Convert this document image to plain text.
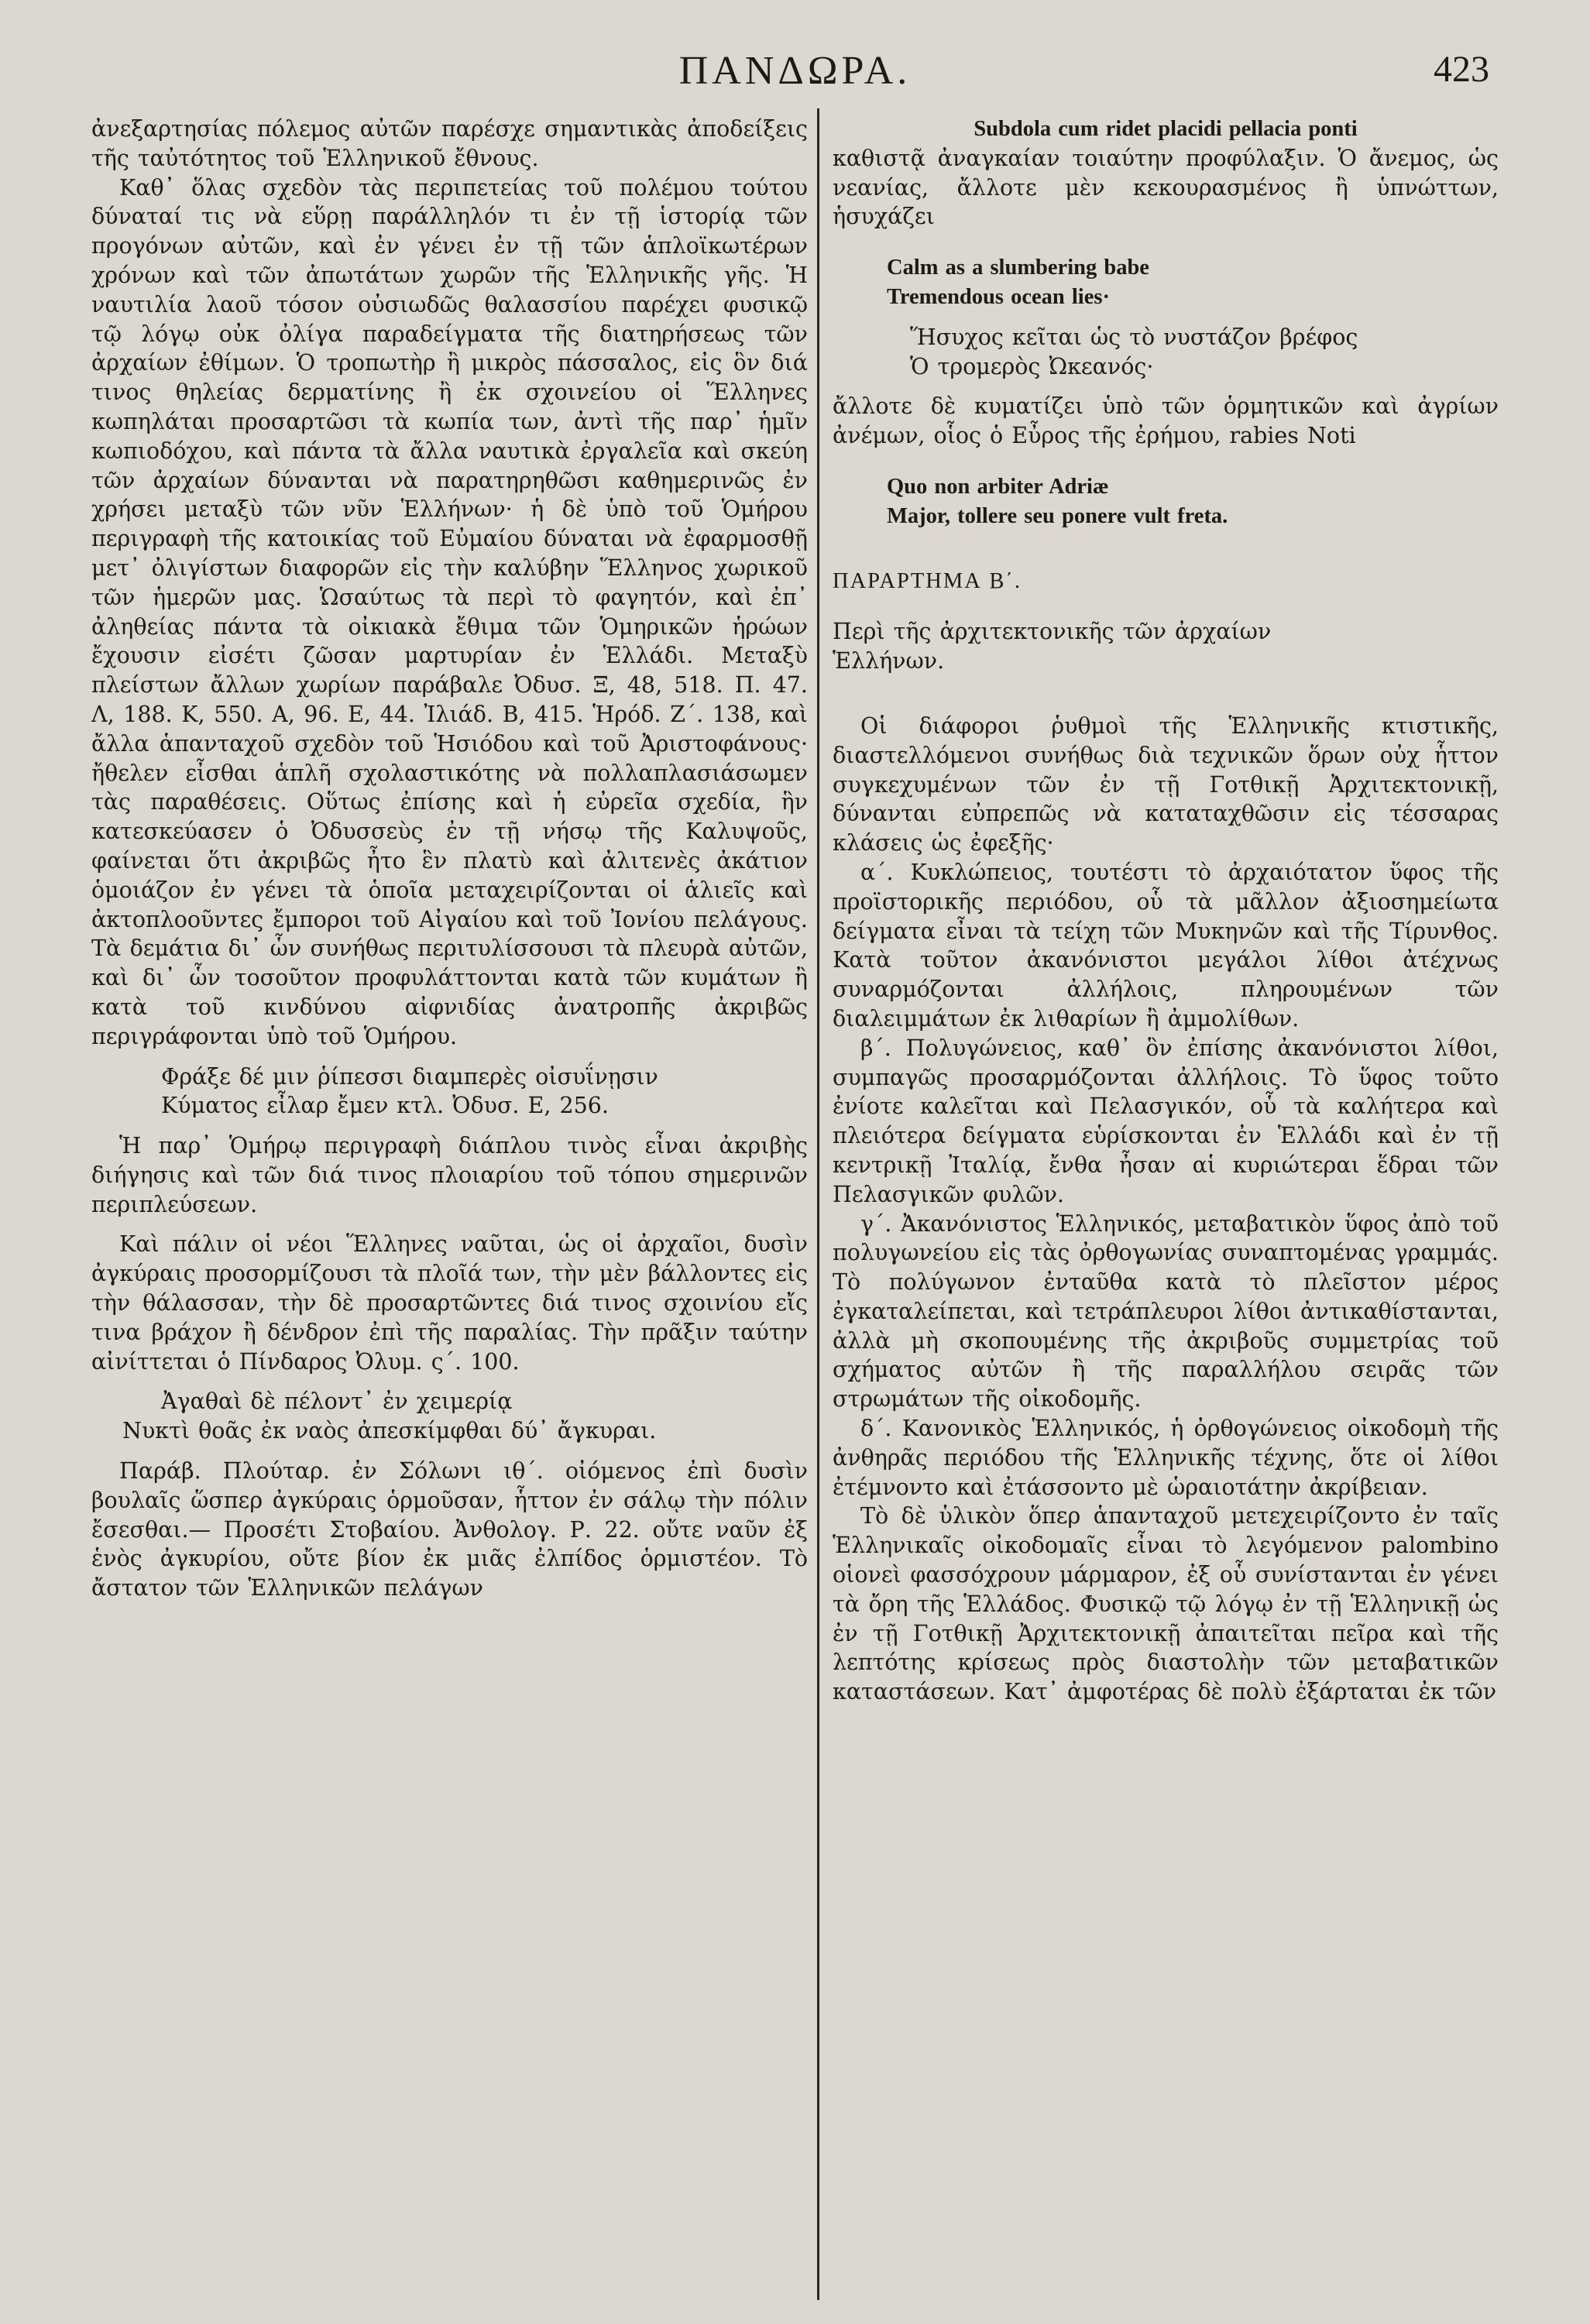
ΠΑΝΔΩΡΑ.	423

ἀνεξαρτησίας πόλεμος αὐτῶν παρέσχε σημαντικὰς ἀποδείξεις τῆς ταὐτότητος τοῦ Ἑλληνικοῦ ἔθνους.

Καθ᾽ ὅλας σχεδὸν τὰς περιπετείας τοῦ πολέμου τούτου δύναταί τις νὰ εὕρῃ παράλληλόν τι ἐν τῇ ἱστορίᾳ τῶν προγόνων αὐτῶν, καὶ ἐν γένει ἐν τῇ τῶν ἁπλοϊκωτέρων χρόνων καὶ τῶν ἀπωτάτων χωρῶν τῆς Ἑλληνικῆς γῆς. Ἡ ναυτιλία λαοῦ τόσον οὐσιωδῶς θαλασσίου παρέχει φυσικῷ τῷ λόγῳ οὐκ ὀλίγα παραδείγματα τῆς διατηρήσεως τῶν ἀρχαίων ἐθίμων. Ὁ τροπωτὴρ ἢ μικρὸς πάσσαλος, εἰς ὃν διά τινος θηλείας δερματίνης ἢ ἐκ σχοινείου οἱ Ἕλληνες κωπηλάται προσαρτῶσι τὰ κωπία των, ἀντὶ τῆς παρ᾽ ἡμῖν κωπιοδόχου, καὶ πάντα τὰ ἄλλα ναυτικὰ ἐργαλεῖα καὶ σκεύη τῶν ἀρχαίων δύνανται νὰ παρατηρηθῶσι καθημερινῶς ἐν χρήσει μεταξὺ τῶν νῦν Ἑλλήνων· ἡ δὲ ὑπὸ τοῦ Ὁμήρου περιγραφὴ τῆς κατοικίας τοῦ Εὐμαίου δύναται νὰ ἐφαρμοσθῇ μετ᾽ ὀλιγίστων διαφορῶν εἰς τὴν καλύβην Ἕλληνος χωρικοῦ τῶν ἡμερῶν μας. Ὡσαύτως τὰ περὶ τὸ φαγητόν, καὶ ἐπ᾽ ἀληθείας πάντα τὰ οἰκιακὰ ἔθιμα τῶν Ὁμηρικῶν ἡρώων ἔχουσιν εἰσέτι ζῶσαν μαρτυρίαν ἐν Ἑλλάδι. Μεταξὺ πλείστων ἄλλων χωρίων παράβαλε Ὀδυσ. Ξ, 48, 518. Π. 47. Λ, 188. Κ, 550. Α, 96. Ε, 44. Ἰλιάδ. Β, 415. Ἡρόδ. Ζ΄. 138, καὶ ἄλλα ἁπανταχοῦ σχεδὸν τοῦ Ἡσιόδου καὶ τοῦ Ἀριστοφάνους· ἤθελεν εἶσθαι ἁπλῆ σχολαστικότης νὰ πολλαπλασιάσωμεν τὰς παραθέσεις. Οὕτως ἐπίσης καὶ ἡ εὐρεῖα σχεδία, ἣν κατεσκεύασεν ὁ Ὀδυσσεὺς ἐν τῇ νήσῳ τῆς Καλυψοῦς, φαίνεται ὅτι ἀκριβῶς ἦτο ἓν πλατὺ καὶ ἀλιτενὲς ἀκάτιον ὁμοιάζον ἐν γένει τὰ ὁποῖα μεταχειρίζονται οἱ ἁλιεῖς καὶ ἀκτοπλοοῦντες ἔμποροι τοῦ Αἰγαίου καὶ τοῦ Ἰονίου πελάγους. Τὰ δεμάτια δι᾽ ὧν συνήθως περιτυλίσσουσι τὰ πλευρὰ αὐτῶν, καὶ δι᾽ ὧν τοσοῦτον προφυλάττονται κατὰ τῶν κυμάτων ἢ κατὰ τοῦ κινδύνου αἰφνιδίας ἀνατροπῆς ἀκριβῶς περιγράφονται ὑπὸ τοῦ Ὁμήρου.

Φράξε δέ μιν ῥίπεσσι διαμπερὲς οἰσυΐνῃσιν

Κύματος εἶλαρ ἔμεν κτλ. Ὀδυσ. Ε, 256.

Ἡ παρ᾽ Ὁμήρῳ περιγραφὴ διάπλου τινὸς εἶναι ἀκριβὴς διήγησις καὶ τῶν διά τινος πλοιαρίου τοῦ τόπου σημερινῶν περιπλεύσεων.

Καὶ πάλιν οἱ νέοι Ἕλληνες ναῦται, ὡς οἱ ἀρχαῖοι, δυσὶν ἀγκύραις προσορμίζουσι τὰ πλοῖά των, τὴν μὲν βάλλοντες εἰς τὴν θάλασσαν, τὴν δὲ προσαρτῶντες διά τινος σχοινίου εἴς τινα βράχον ἢ δένδρον ἐπὶ τῆς παραλίας. Τὴν πρᾶξιν ταύτην αἰνίττεται ὁ Πίνδαρος Ὀλυμ. ς΄. 100.

Ἀγαθαὶ δὲ πέλοντ᾽ ἐν χειμερίᾳ

Νυκτὶ θοᾶς ἐκ ναὸς ἀπεσκίμφθαι δύ᾽ ἄγκυραι.

Παράβ. Πλούταρ. ἐν Σόλωνι ιθ΄. οἰόμενος ἐπὶ δυσὶν βουλαῖς ὥσπερ ἀγκύραις ὁρμοῦσαν, ἧττον ἐν σάλῳ τὴν πόλιν ἔσεσθαι.— Προσέτι Στοβαίου. Ἀνθολογ. Ρ. 22. οὔτε ναῦν ἐξ ἑνὸς ἀγκυρίου, οὔτε βίον ἐκ μιᾶς ἐλπίδος ὁρμιστέον. Τὸ ἄστατον τῶν Ἑλληνικῶν πελάγων

Subdola cum ridet placidi pellacia ponti

καθιστᾷ ἀναγκαίαν τοιαύτην προφύλαξιν. Ὁ ἄνεμος, ὡς νεανίας, ἄλλοτε μὲν κεκουρασμένος ἢ ὑπνώττων, ἡσυχάζει

Calm as a slumbering babe

Tremendous ocean lies·

Ἥσυχος κεῖται ὡς τὸ νυστάζον βρέφος

Ὁ τρομερὸς Ὠκεανός·

ἄλλοτε δὲ κυματίζει ὑπὸ τῶν ὁρμητικῶν καὶ ἀγρίων ἀνέμων, οἷος ὁ Εὖρος τῆς ἐρήμου, rabies Noti

Quo non arbiter Adriæ

Major, tollere seu ponere vult freta.

ΠΑΡΑΡΤΗΜΑ Β΄.

Περὶ τῆς ἀρχιτεκτονικῆς τῶν ἀρχαίων

Ἑλλήνων.

Οἱ διάφοροι ῥυθμοὶ τῆς Ἑλληνικῆς κτιστικῆς, διαστελλόμενοι συνήθως διὰ τεχνικῶν ὅρων οὐχ ἧττον συγκεχυμένων τῶν ἐν τῇ Γοτθικῇ Ἀρχιτεκτονικῇ, δύνανται εὐπρεπῶς νὰ καταταχθῶσιν εἰς τέσσαρας κλάσεις ὡς ἐφεξῆς·

α΄. Κυκλώπειος, τουτέστι τὸ ἀρχαιότατον ὕφος τῆς προϊστορικῆς περιόδου, οὗ τὰ μᾶλλον ἀξιοσημείωτα δείγματα εἶναι τὰ τείχη τῶν Μυκηνῶν καὶ τῆς Τίρυνθος. Κατὰ τοῦτον ἀκανόνιστοι μεγάλοι λίθοι ἀτέχνως συναρμόζονται ἀλλήλοις, πληρουμένων τῶν διαλειμμάτων ἐκ λιθαρίων ἢ ἀμμολίθων.

β΄. Πολυγώνειος, καθ᾽ ὃν ἐπίσης ἀκανόνιστοι λίθοι, συμπαγῶς προσαρμόζονται ἀλλήλοις. Τὸ ὕφος τοῦτο ἐνίοτε καλεῖται καὶ Πελασγικόν, οὗ τὰ καλήτερα καὶ πλειότερα δείγματα εὑρίσκονται ἐν Ἑλλάδι καὶ ἐν τῇ κεντρικῇ Ἰταλίᾳ, ἔνθα ἦσαν αἱ κυριώτεραι ἕδραι τῶν Πελασγικῶν φυλῶν.

γ΄. Ἀκανόνιστος Ἑλληνικός, μεταβατικὸν ὕφος ἀπὸ τοῦ πολυγωνείου εἰς τὰς ὀρθογωνίας συναπτομένας γραμμάς. Τὸ πολύγωνον ἐνταῦθα κατὰ τὸ πλεῖστον μέρος ἐγκαταλείπεται, καὶ τετράπλευροι λίθοι ἀντικαθίστανται, ἀλλὰ μὴ σκοπουμένης τῆς ἀκριβοῦς συμμετρίας τοῦ σχήματος αὐτῶν ἢ τῆς παραλλήλου σειρᾶς τῶν στρωμάτων τῆς οἰκοδομῆς.

δ΄. Κανονικὸς Ἑλληνικός, ἡ ὀρθογώνειος οἰκοδομὴ τῆς ἀνθηρᾶς περιόδου τῆς Ἑλληνικῆς τέχνης, ὅτε οἱ λίθοι ἐτέμνοντο καὶ ἐτάσσοντο μὲ ὡραιοτάτην ἀκρίβειαν.

Τὸ δὲ ὑλικὸν ὅπερ ἁπανταχοῦ μετεχειρίζοντο ἐν ταῖς Ἑλληνικαῖς οἰκοδομαῖς εἶναι τὸ λεγόμενον palombino οἱονεὶ φασσόχρουν μάρμαρον, ἐξ οὗ συνίστανται ἐν γένει τὰ ὄρη τῆς Ἑλλάδος. Φυσικῷ τῷ λόγῳ ἐν τῇ Ἑλληνικῇ ὡς ἐν τῇ Γοτθικῇ Ἀρχιτεκτονικῇ ἀπαιτεῖται πεῖρα καὶ τῆς λεπτότης κρίσεως πρὸς διαστολὴν τῶν μεταβατικῶν καταστάσεων. Κατ᾽ ἀμφοτέρας δὲ πολὺ ἐξάρταται ἐκ τῶν
